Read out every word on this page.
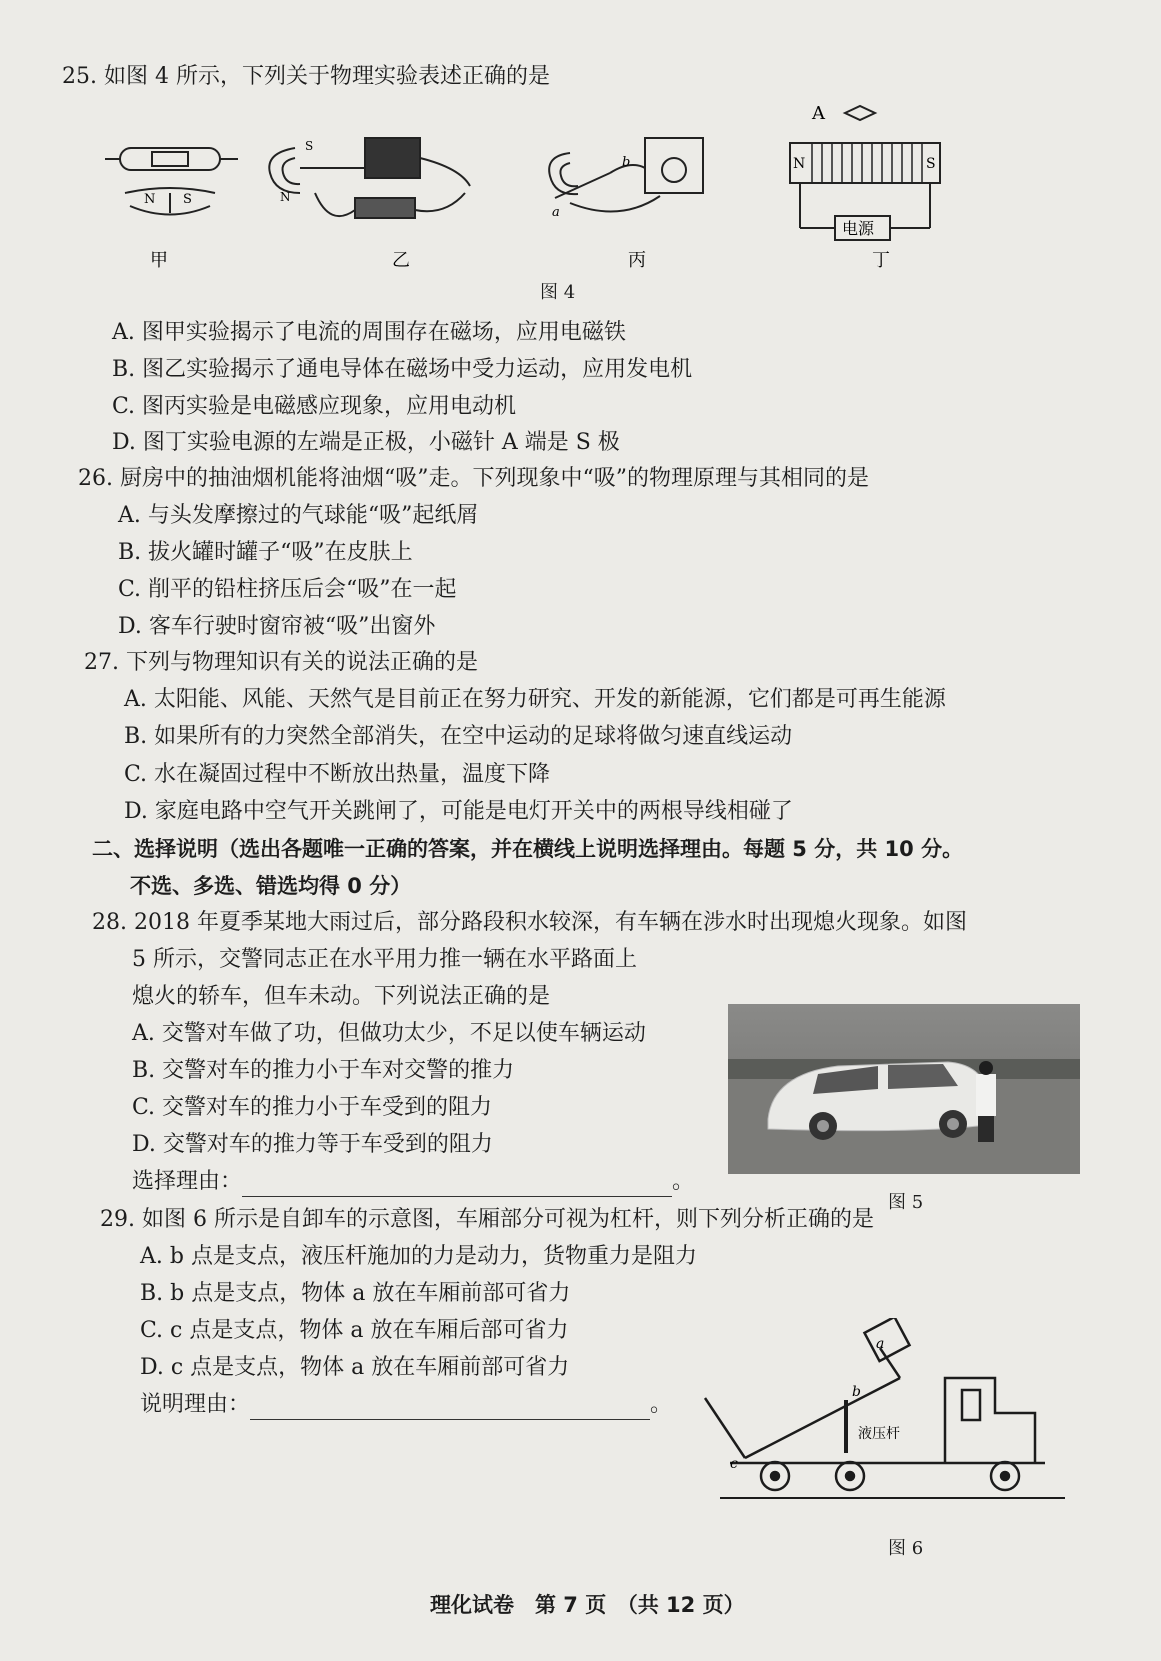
25. 如图 4 所示，下列关于物理实验表述正确的是
N S
甲
S
N
乙
b
a
丙
A
N	S
电源
丁
图 4
A. 图甲实验揭示了电流的周围存在磁场，应用电磁铁
B. 图乙实验揭示了通电导体在磁场中受力运动，应用发电机
C. 图丙实验是电磁感应现象，应用电动机
D. 图丁实验电源的左端是正极，小磁针 A 端是 S 极
26. 厨房中的抽油烟机能将油烟“吸”走。下列现象中“吸”的物理原理与其相同的是
A. 与头发摩擦过的气球能“吸”起纸屑
B. 拔火罐时罐子“吸”在皮肤上
C. 削平的铅柱挤压后会“吸”在一起
D. 客车行驶时窗帘被“吸”出窗外
27. 下列与物理知识有关的说法正确的是
A. 太阳能、风能、天然气是目前正在努力研究、开发的新能源，它们都是可再生能源
B. 如果所有的力突然全部消失，在空中运动的足球将做匀速直线运动
C. 水在凝固过程中不断放出热量，温度下降
D. 家庭电路中空气开关跳闸了，可能是电灯开关中的两根导线相碰了
二、选择说明（选出各题唯一正确的答案，并在横线上说明选择理由。每题 5 分，共 10 分。
不选、多选、错选均得 0 分）
28. 2018 年夏季某地大雨过后，部分路段积水较深，有车辆在涉水时出现熄火现象。如图
5 所示，交警同志正在水平用力推一辆在水平路面上
熄火的轿车，但车未动。下列说法正确的是
A. 交警对车做了功，但做功太少，不足以使车辆运动
B. 交警对车的推力小于车对交警的推力
C. 交警对车的推力小于车受到的阻力
D. 交警对车的推力等于车受到的阻力
选择理由：	。
图 5
29. 如图 6 所示是自卸车的示意图，车厢部分可视为杠杆，则下列分析正确的是
A. b 点是支点，液压杆施加的力是动力，货物重力是阻力
B. b 点是支点，物体 a 放在车厢前部可省力
C. c 点是支点，物体 a 放在车厢后部可省力
D. c 点是支点，物体 a 放在车厢前部可省力
说明理由：	。
a
b
c
液压杆
图 6
理化试卷　第 7 页　（共 12 页）
